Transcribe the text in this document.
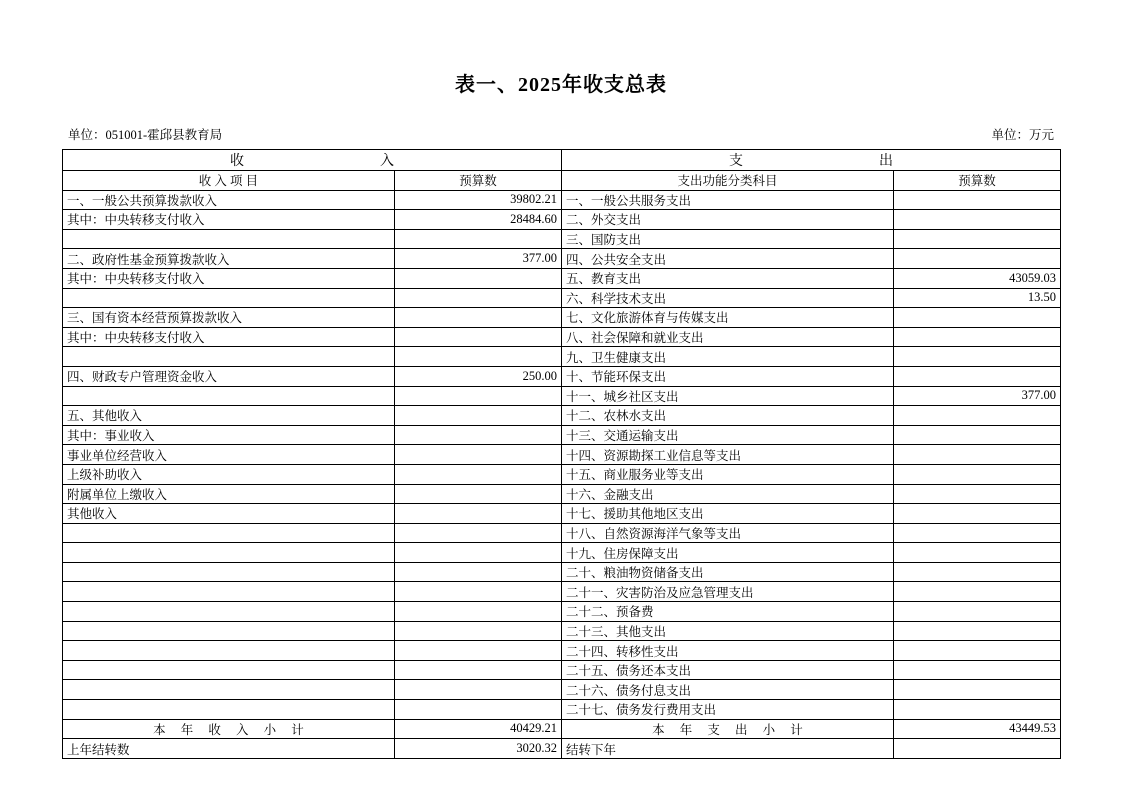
表一、2025年收支总表
单位：051001-霍邱县教育局	单位：万元
收　　　　入		支　　　　出	
收 入 项 目	预算数	支出功能分类科目	预算数
一、一般公共预算拨款收入	39802.21	一、一般公共服务支出	
其中：中央转移支付收入	28484.60	二、外交支出	
		三、国防支出	
二、政府性基金预算拨款收入	377.00	四、公共安全支出	
其中：中央转移支付收入		五、教育支出	43059.03
		六、科学技术支出	13.50
三、国有资本经营预算拨款收入		七、文化旅游体育与传媒支出	
其中：中央转移支付收入		八、社会保障和就业支出	
		九、卫生健康支出	
四、财政专户管理资金收入	250.00	十、节能环保支出	
		十一、城乡社区支出	377.00
五、其他收入		十二、农林水支出	
其中：事业收入		十三、交通运输支出	
事业单位经营收入		十四、资源勘探工业信息等支出	
上级补助收入		十五、商业服务业等支出	
附属单位上缴收入		十六、金融支出	
其他收入		十七、援助其他地区支出	
		十八、自然资源海洋气象等支出	
		十九、住房保障支出	
		二十、粮油物资储备支出	
		二十一、灾害防治及应急管理支出	
		二十二、预备费	
		二十三、其他支出	
		二十四、转移性支出	
		二十五、债务还本支出	
		二十六、债务付息支出	
		二十七、债务发行费用支出	
本 年 收 入 小 计	40429.21	本 年 支 出 小 计	43449.53
上年结转数	3020.32	结转下年	
